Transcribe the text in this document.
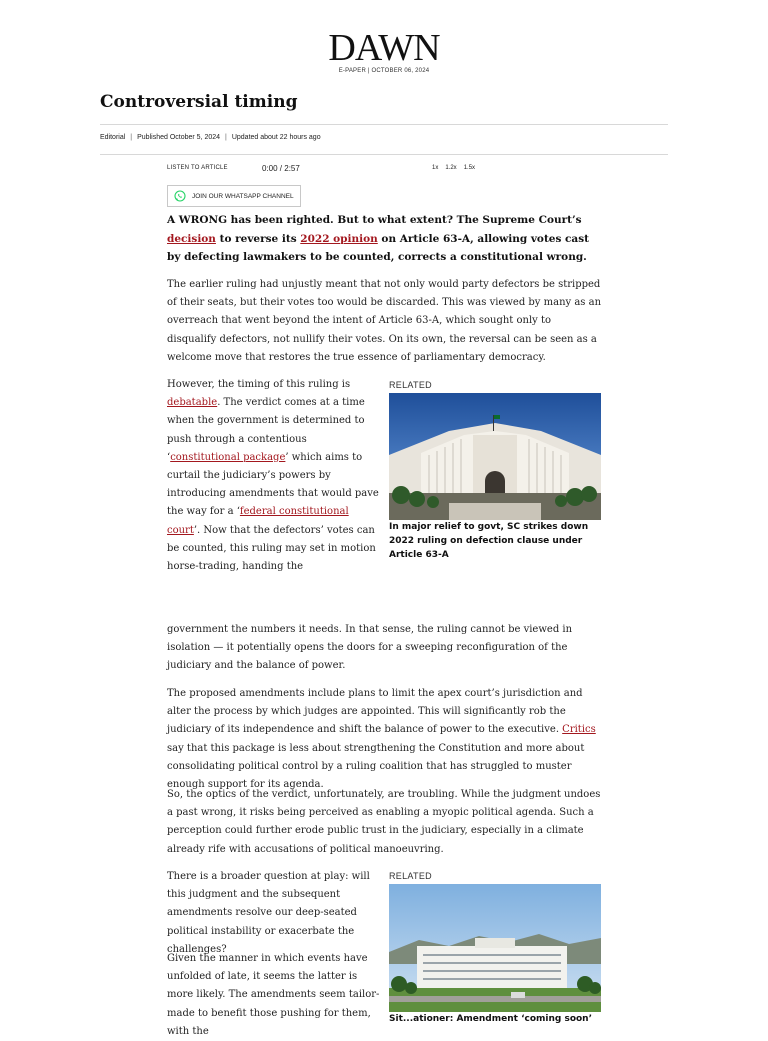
DAWN
E-PAPER | OCTOBER 06, 2024
Controversial timing
Editorial | Published October 5, 2024 | Updated about 22 hours ago
LISTEN TO ARTICLE	0:00 / 2:57	1x 1.2x 1.5x
JOIN OUR WHATSAPP CHANNEL

A WRONG has been righted. But to what extent? The Supreme Court’s decision to reverse its 2022 opinion on Article 63-A, allowing votes cast by defecting lawmakers to be counted, corrects a constitutional wrong.

The earlier ruling had unjustly meant that not only would party defectors be stripped of their seats, but their votes too would be discarded. This was viewed by many as an overreach that went beyond the intent of Article 63-A, which sought only to disqualify defectors, not nullify their votes. On its own, the reversal can be seen as a welcome move that restores the true essence of parliamentary democracy.

However, the timing of this ruling is debatable. The verdict comes at a time when the government is determined to push through a contentious ‘constitutional package’ which aims to curtail the judiciary’s powers by introducing amendments that would pave the way for a ‘federal constitutional court’. Now that the defectors’ votes can be counted, this ruling may set in motion horse-trading, handing the

RELATED
In major relief to govt, SC strikes down 2022 ruling on defection clause under Article 63-A

government the numbers it needs. In that sense, the ruling cannot be viewed in isolation — it potentially opens the doors for a sweeping reconfiguration of the judiciary and the balance of power.

The proposed amendments include plans to limit the apex court’s jurisdiction and alter the process by which judges are appointed. This will significantly rob the judiciary of its independence and shift the balance of power to the executive. Critics say that this package is less about strengthening the Constitution and more about consolidating political control by a ruling coalition that has struggled to muster enough support for its agenda.

So, the optics of the verdict, unfortunately, are troubling. While the judgment undoes a past wrong, it risks being perceived as enabling a myopic political agenda. Such a perception could further erode public trust in the judiciary, especially in a climate already rife with accusations of political manoeuvring.

There is a broader question at play: will this judgment and the subsequent amendments resolve our deep-seated political instability or exacerbate the challenges?

RELATED
Sit...ationer: Amendment ‘coming soon’

Given the manner in which events have unfolded of late, it seems the latter is more likely. The amendments seem tailor-made to benefit those pushing for them, with the
